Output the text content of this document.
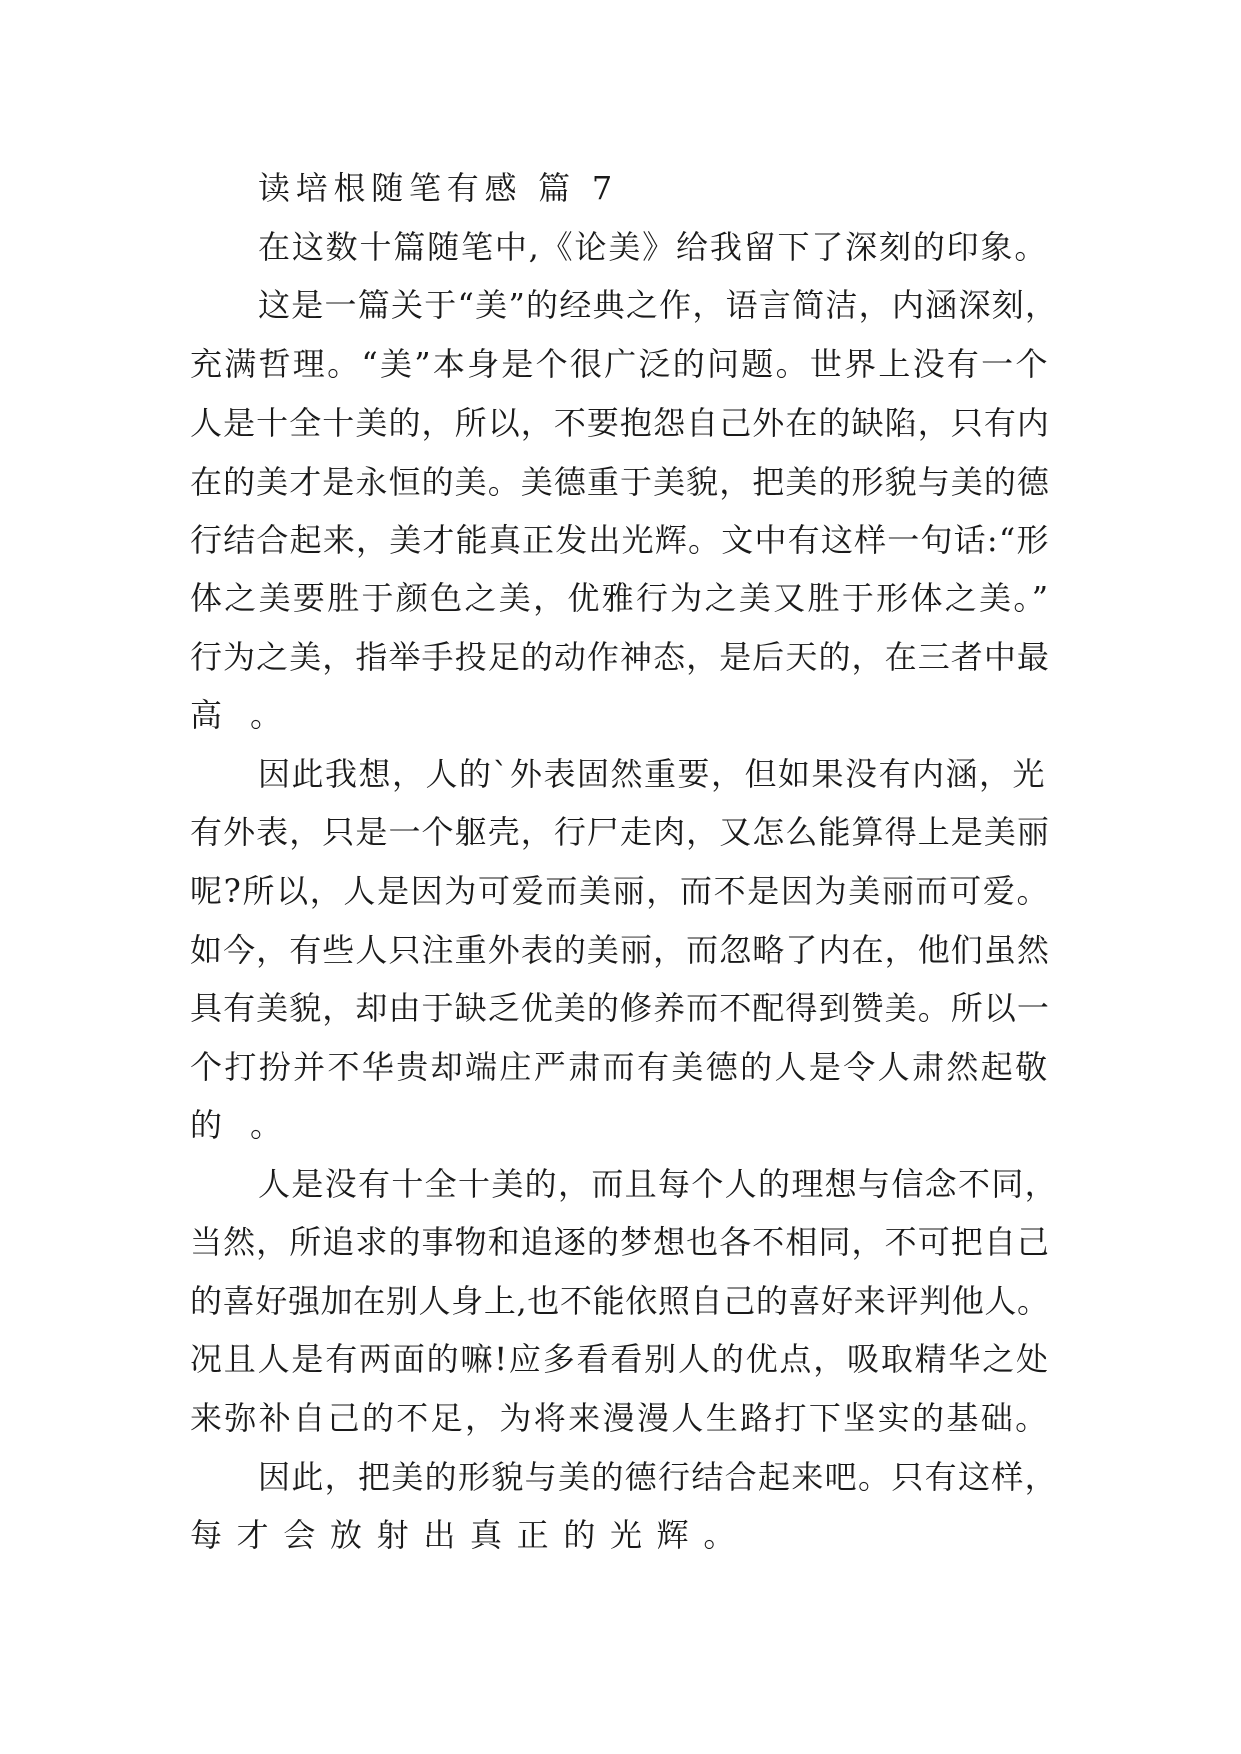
读培根随笔有感 篇 7
在这数十篇随笔中,《论美》给我留下了深刻的印象。
这是一篇关于“美”的经典之作，语言简洁，内涵深刻，
充满哲理。“美”本身是个很广泛的问题。世界上没有一个
人是十全十美的，所以，不要抱怨自己外在的缺陷，只有内
在的美才是永恒的美。美德重于美貌，把美的形貌与美的德
行结合起来，美才能真正发出光辉。文中有这样一句话:“形
体之美要胜于颜色之美，优雅行为之美又胜于形体之美。”
行为之美，指举手投足的动作神态，是后天的，在三者中最
高。
因此我想，人的`外表固然重要，但如果没有内涵，光
有外表，只是一个躯壳，行尸走肉，又怎么能算得上是美丽
呢?所以，人是因为可爱而美丽，而不是因为美丽而可爱。
如今，有些人只注重外表的美丽，而忽略了内在，他们虽然
具有美貌，却由于缺乏优美的修养而不配得到赞美。所以一
个打扮并不华贵却端庄严肃而有美德的人是令人肃然起敬
的。
人是没有十全十美的，而且每个人的理想与信念不同，
当然，所追求的事物和追逐的梦想也各不相同，不可把自己
的喜好强加在别人身上,也不能依照自己的喜好来评判他人。
况且人是有两面的嘛!应多看看别人的优点，吸取精华之处
来弥补自己的不足，为将来漫漫人生路打下坚实的基础。
因此，把美的形貌与美的德行结合起来吧。只有这样，
每才会放射出真正的光辉。
